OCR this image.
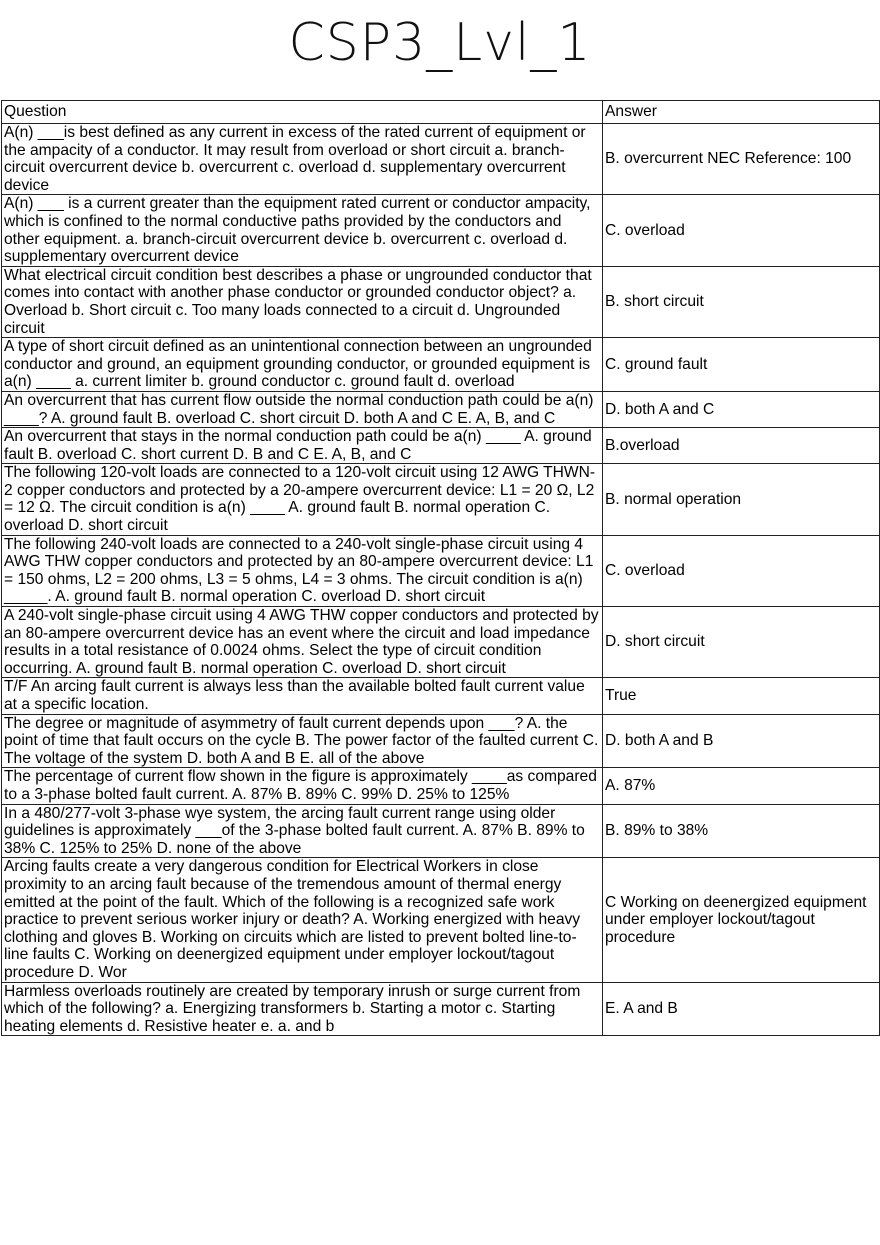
CSP3_Lvl_1
Question	Answer
A(n) ___is best defined as any current in excess of the rated current of equipment or the ampacity of a conductor. It may result from overload or short circuit a. branch-circuit overcurrent device b. overcurrent c. overload d. supplementary overcurrent device	B. overcurrent NEC Reference: 100
A(n) ___ is a current greater than the equipment rated current or conductor ampacity, which is confined to the normal conductive paths provided by the conductors and other equipment. a. branch-circuit overcurrent device b. overcurrent c. overload d. supplementary overcurrent device	C. overload
What electrical circuit condition best describes a phase or ungrounded conductor that comes into contact with another phase conductor or grounded conductor object? a. Overload b. Short circuit c. Too many loads connected to a circuit d. Ungrounded circuit	B. short circuit
A type of short circuit defined as an unintentional connection between an ungrounded conductor and ground, an equipment grounding conductor, or grounded equipment is a(n) ____ a. current limiter b. ground conductor c. ground fault d. overload	C. ground fault
An overcurrent that has current flow outside the normal conduction path could be a(n) ____? A. ground fault B. overload C. short circuit D. both A and C E. A, B, and C	D. both A and C
An overcurrent that stays in the normal conduction path could be a(n) ____ A. ground fault B. overload C. short current D. B and C E. A, B, and C	B.overload
The following 120-volt loads are connected to a 120-volt circuit using 12 AWG THWN-2 copper conductors and protected by a 20-ampere overcurrent device: L1 = 20 Ω, L2 = 12 Ω. The circuit condition is a(n) ____ A. ground fault B. normal operation C. overload D. short circuit	B. normal operation
The following 240-volt loads are connected to a 240-volt single-phase circuit using 4 AWG THW copper conductors and protected by an 80-ampere overcurrent device: L1 = 150 ohms, L2 = 200 ohms, L3 = 5 ohms, L4 = 3 ohms. The circuit condition is a(n) _____. A. ground fault B. normal operation C. overload D. short circuit	C. overload
A 240-volt single-phase circuit using 4 AWG THW copper conductors and protected by an 80-ampere overcurrent device has an event where the circuit and load impedance results in a total resistance of 0.0024 ohms. Select the type of circuit condition occurring. A. ground fault B. normal operation C. overload D. short circuit	D. short circuit
T/F An arcing fault current is always less than the available bolted fault current value at a specific location.	True
The degree or magnitude of asymmetry of fault current depends upon ___? A. the point of time that fault occurs on the cycle B. The power factor of the faulted current C. The voltage of the system D. both A and B E. all of the above	D. both A and B
The percentage of current flow shown in the figure is approximately ____as compared to a 3-phase bolted fault current. A. 87% B. 89% C. 99% D. 25% to 125%	A. 87%
In a 480/277-volt 3-phase wye system, the arcing fault current range using older guidelines is approximately ___of the 3-phase bolted fault current. A. 87% B. 89% to 38% C. 125% to 25% D. none of the above	B. 89% to 38%
Arcing faults create a very dangerous condition for Electrical Workers in close proximity to an arcing fault because of the tremendous amount of thermal energy emitted at the point of the fault. Which of the following is a recognized safe work practice to prevent serious worker injury or death? A. Working energized with heavy clothing and gloves B. Working on circuits which are listed to prevent bolted line-to-line faults C. Working on deenergized equipment under employer lockout/tagout procedure D. Wor	C Working on deenergized equipment under employer lockout/tagout procedure
Harmless overloads routinely are created by temporary inrush or surge current from which of the following? a. Energizing transformers b. Starting a motor c. Starting heating elements d. Resistive heater e. a. and b	E. A and B
